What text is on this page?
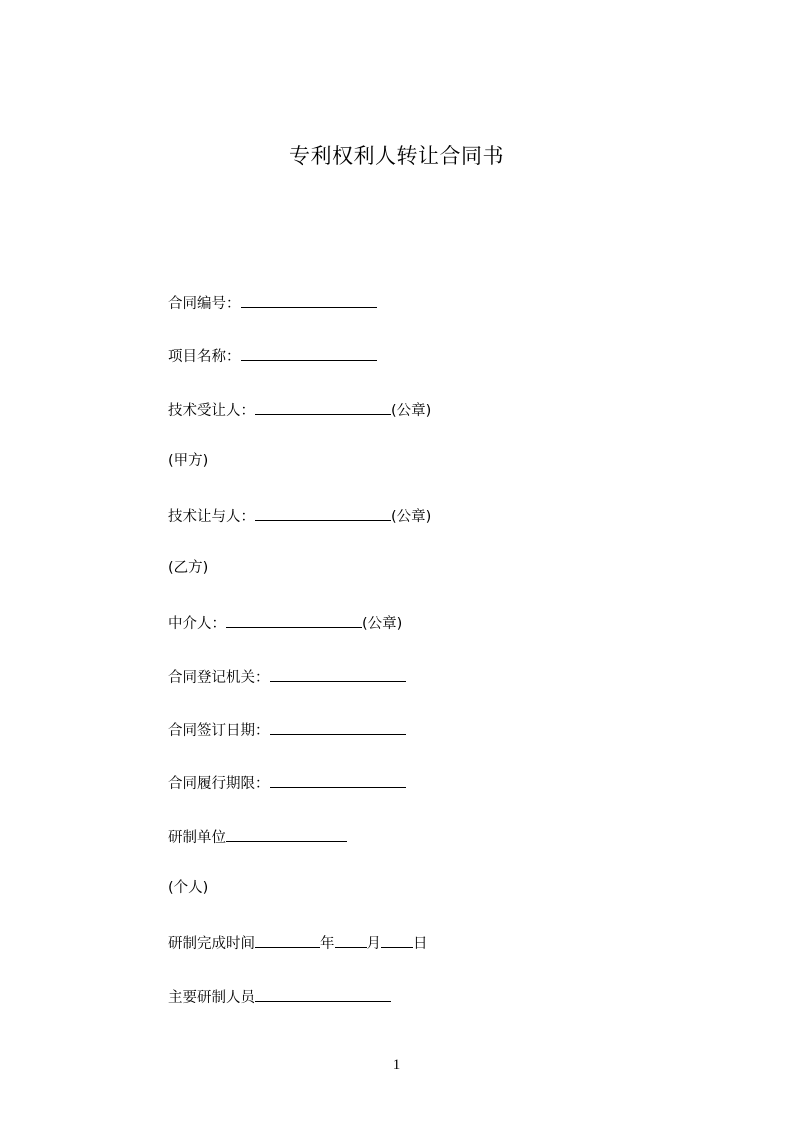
专利权利人转让合同书
合同编号：
项目名称：
技术受让人：	(公章)
(甲方)
技术让与人：	(公章)
(乙方)
中介人：	(公章)
合同登记机关：
合同签订日期：
合同履行期限：
研制单位
(个人)
研制完成时间	年 月 日
主要研制人员
1
